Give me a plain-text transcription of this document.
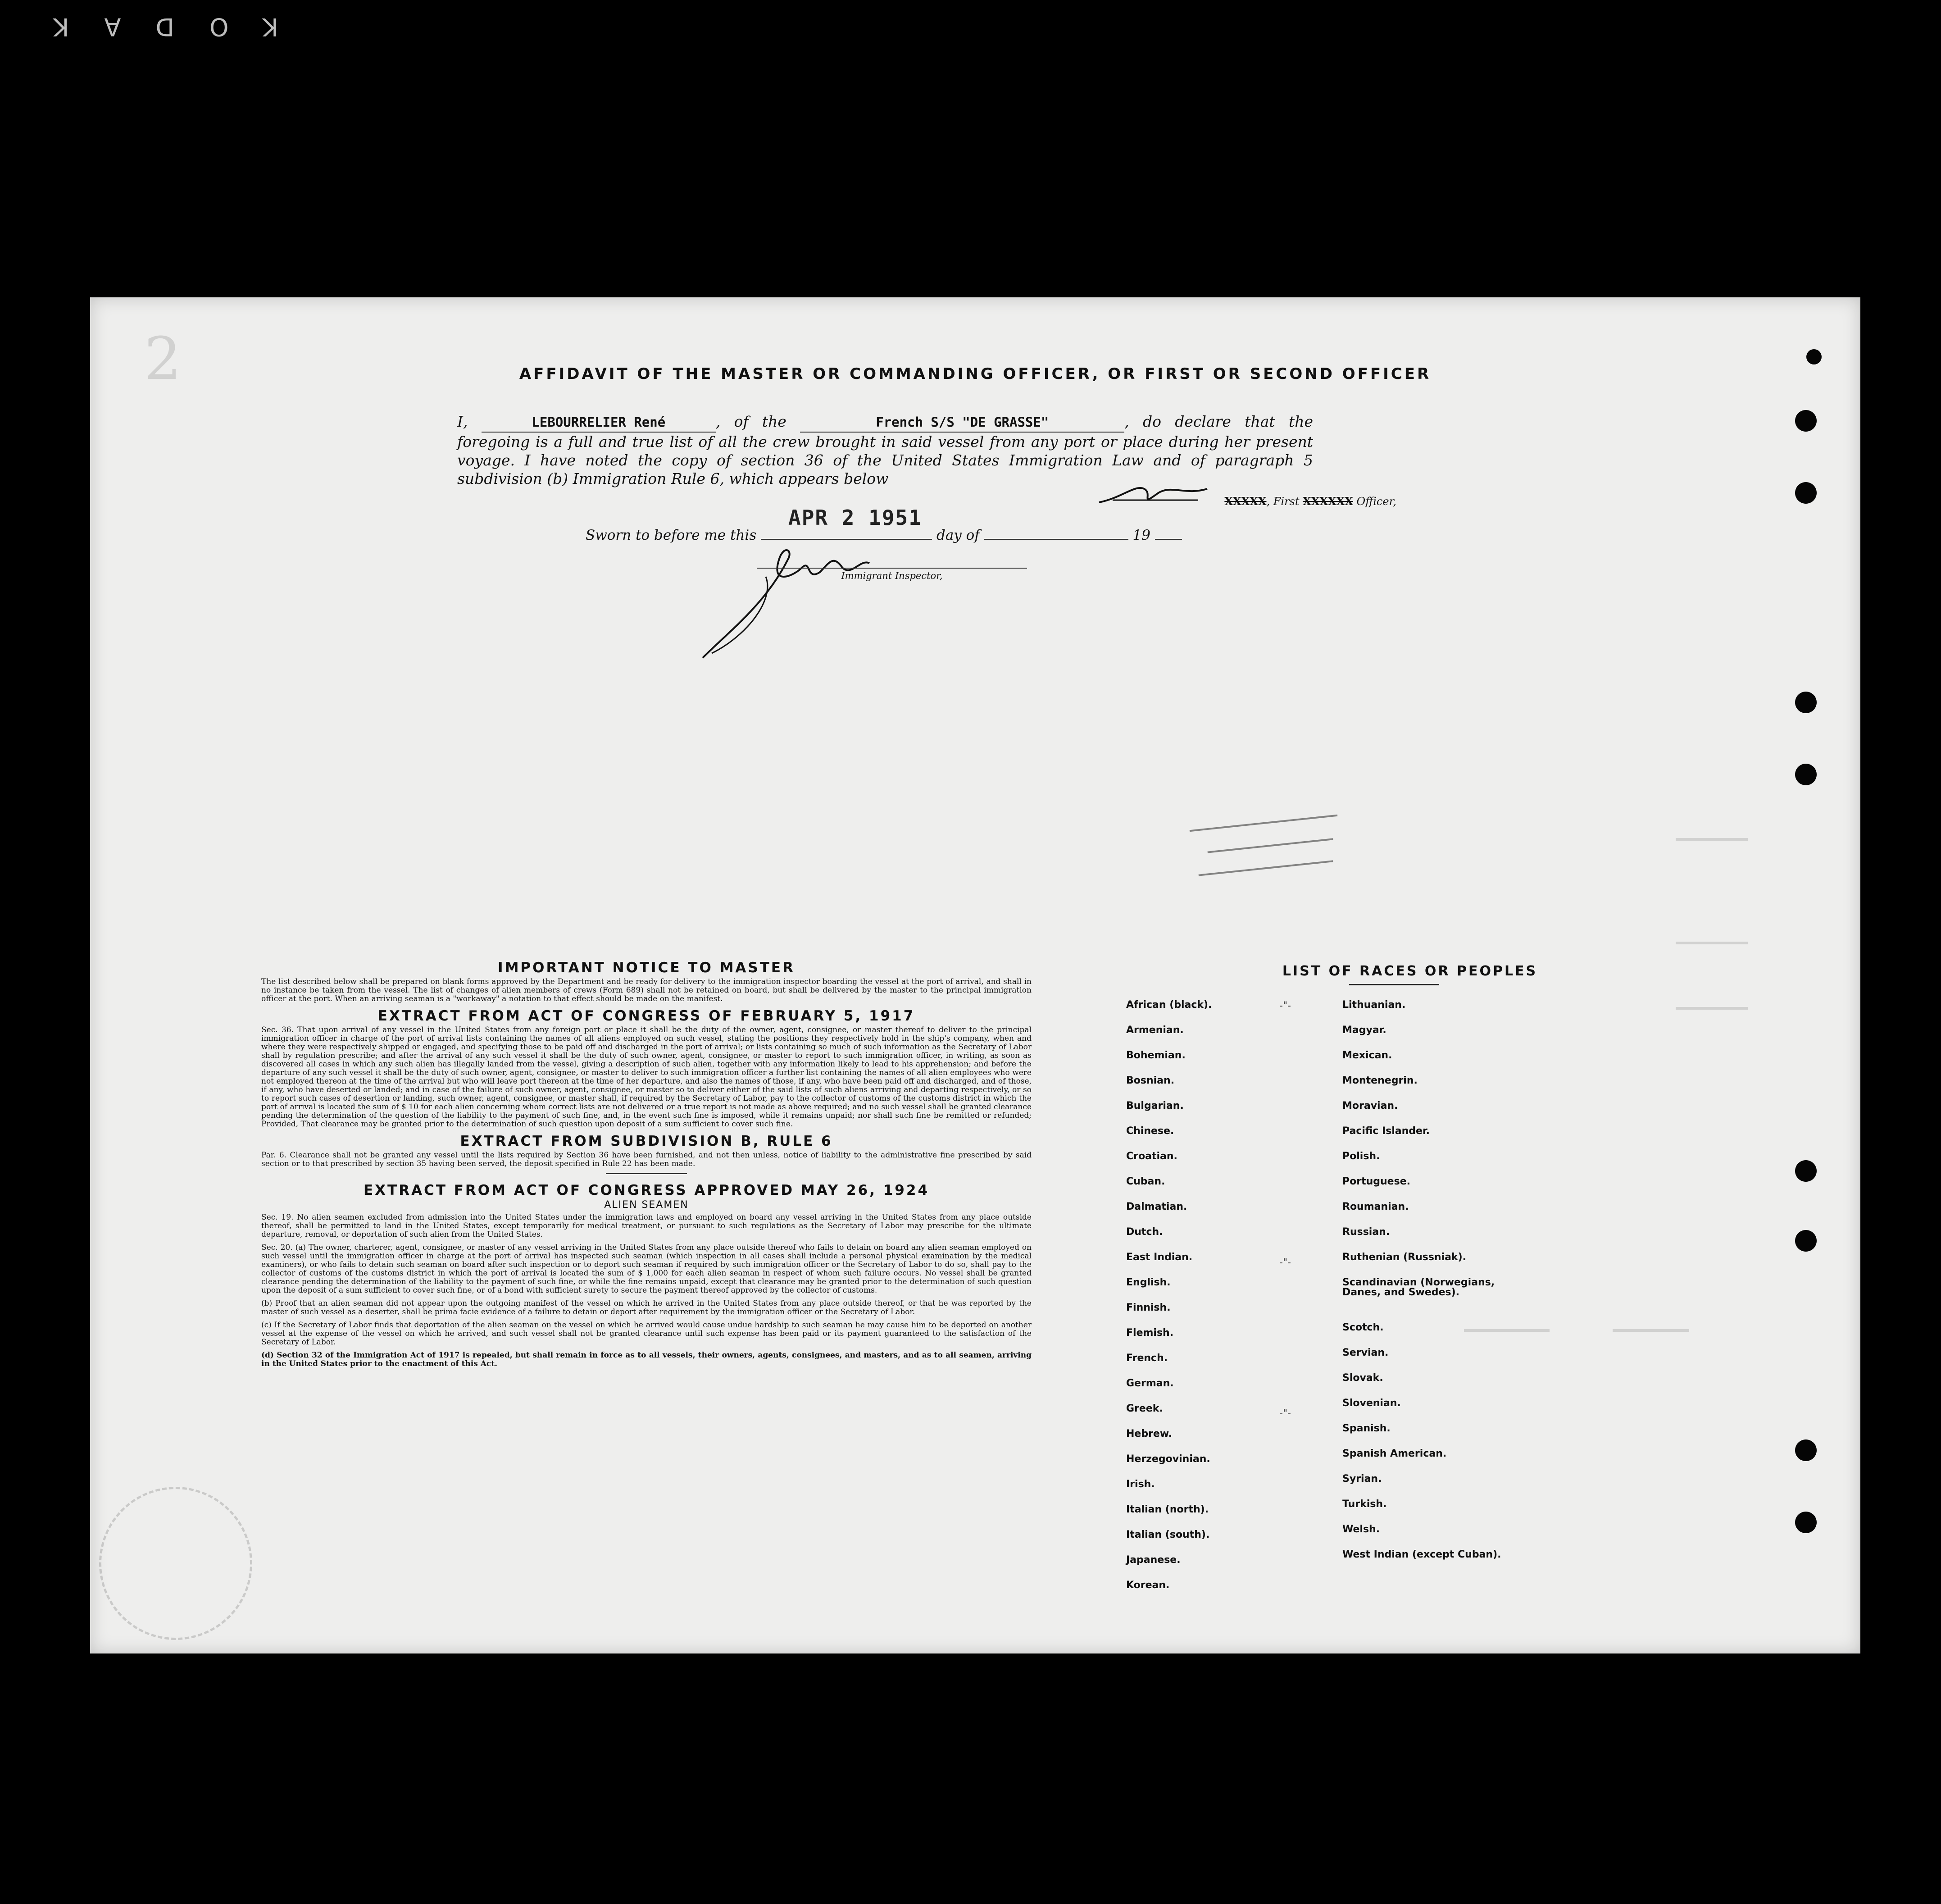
KODAK
2	AFFIDAVIT OF THE MASTER OR COMMANDING OFFICER, OR FIRST OR SECOND OFFICER
I,	LEBOURRELIER René	, of the	French S/S "DE GRASSE"	, do declare that the foregoing is a full and true list of all the crew brought in said vessel from any port or place during her present voyage. I have noted the copy of section 36 of the United States Immigration Law and of paragraph 5 subdivision (b) Immigration Rule 6, which appears below
XXXXX, First XXXXXX Officer,
APR 2 1951
Sworn to before me this	day of	19
Immigrant Inspector,
IMPORTANT NOTICE TO MASTER

The list described below shall be prepared on blank forms approved by the Department and be ready for delivery to the immigration inspector boarding the vessel at the port of arrival, and shall in no instance be taken from the vessel. The list of changes of alien members of crews (Form 689) shall not be retained on board, but shall be delivered by the master to the principal immigration officer at the port. When an arriving seaman is a "workaway" a notation to that effect should be made on the manifest.

EXTRACT FROM ACT OF CONGRESS OF FEBRUARY 5, 1917

Sec. 36. That upon arrival of any vessel in the United States from any foreign port or place it shall be the duty of the owner, agent, consignee, or master thereof to deliver to the principal immigration officer in charge of the port of arrival lists containing the names of all aliens employed on such vessel, stating the positions they respectively hold in the ship's company, when and where they were respectively shipped or engaged, and specifying those to be paid off and discharged in the port of arrival; or lists containing so much of such information as the Secretary of Labor shall by regulation prescribe; and after the arrival of any such vessel it shall be the duty of such owner, agent, consignee, or master to report to such immigration officer, in writing, as soon as discovered all cases in which any such alien has illegally landed from the vessel, giving a description of such alien, together with any information likely to lead to his apprehension; and before the departure of any such vessel it shall be the duty of such owner, agent, consignee, or master to deliver to such immigration officer a further list containing the names of all alien employees who were not employed thereon at the time of the arrival but who will leave port thereon at the time of her departure, and also the names of those, if any, who have been paid off and discharged, and of those, if any, who have deserted or landed; and in case of the failure of such owner, agent, consignee, or master so to deliver either of the said lists of such aliens arriving and departing respectively, or so to report such cases of desertion or landing, such owner, agent, consignee, or master shall, if required by the Secretary of Labor, pay to the collector of customs of the customs district in which the port of arrival is located the sum of $ 10 for each alien concerning whom correct lists are not delivered or a true report is not made as above required; and no such vessel shall be granted clearance pending the determination of the question of the liability to the payment of such fine, and, in the event such fine is imposed, while it remains unpaid; nor shall such fine be remitted or refunded; Provided, That clearance may be granted prior to the determination of such question upon deposit of a sum sufficient to cover such fine.

EXTRACT FROM SUBDIVISION B, RULE 6

Par. 6. Clearance shall not be granted any vessel until the lists required by Section 36 have been furnished, and not then unless, notice of liability to the administrative fine prescribed by said section or to that prescribed by section 35 having been served, the deposit specified in Rule 22 has been made.

EXTRACT FROM ACT OF CONGRESS APPROVED MAY 26, 1924
ALIEN SEAMEN

Sec. 19. No alien seamen excluded from admission into the United States under the immigration laws and employed on board any vessel arriving in the United States from any place outside thereof, shall be permitted to land in the United States, except temporarily for medical treatment, or pursuant to such regulations as the Secretary of Labor may prescribe for the ultimate departure, removal, or deportation of such alien from the United States.

Sec. 20. (a) The owner, charterer, agent, consignee, or master of any vessel arriving in the United States from any place outside thereof who fails to detain on board any alien seaman employed on such vessel until the immigration officer in charge at the port of arrival has inspected such seaman (which inspection in all cases shall include a personal physical examination by the medical examiners), or who fails to detain such seaman on board after such inspection or to deport such seaman if required by such immigration officer or the Secretary of Labor to do so, shall pay to the collector of customs of the customs district in which the port of arrival is located the sum of $ 1,000 for each alien seaman in respect of whom such failure occurs. No vessel shall be granted clearance pending the determination of the liability to the payment of such fine, or while the fine remains unpaid, except that clearance may be granted prior to the determination of such question upon the deposit of a sum sufficient to cover such fine, or of a bond with sufficient surety to secure the payment thereof approved by the collector of customs.

(b) Proof that an alien seaman did not appear upon the outgoing manifest of the vessel on which he arrived in the United States from any place outside thereof, or that he was reported by the master of such vessel as a deserter, shall be prima facie evidence of a failure to detain or deport after requirement by the immigration officer or the Secretary of Labor.

(c) If the Secretary of Labor finds that deportation of the alien seaman on the vessel on which he arrived would cause undue hardship to such seaman he may cause him to be deported on another vessel at the expense of the vessel on which he arrived, and such vessel shall not be granted clearance until such expense has been paid or its payment guaranteed to the satisfaction of the Secretary of Labor.

(d) Section 32 of the Immigration Act of 1917 is repealed, but shall remain in force as to all vessels, their owners, agents, consignees, and masters, and as to all seamen, arriving in the United States prior to the enactment of this Act.

LIST OF RACES OR PEOPLES
African (black).
Armenian.
Bohemian.
Bosnian.
Bulgarian.
Chinese.
Croatian.
Cuban.
Dalmatian.
Dutch.
East Indian.
English.
Finnish.
Flemish.
French.
German.
Greek.
Hebrew.
Herzegovinian.
Irish.
Italian (north).
Italian (south).
Japanese.
Korean.
Lithuanian.
Magyar.
Mexican.
Montenegrin.
Moravian.
Pacific Islander.
Polish.
Portuguese.
Roumanian.
Russian.
Ruthenian (Russniak).
Scandinavian (Norwegians, Danes, and Swedes).
Scotch.
Servian.
Slovak.
Slovenian.
Spanish.
Spanish American.
Syrian.
Turkish.
Welsh.
West Indian (except Cuban).
-"-
-"-
-"-
